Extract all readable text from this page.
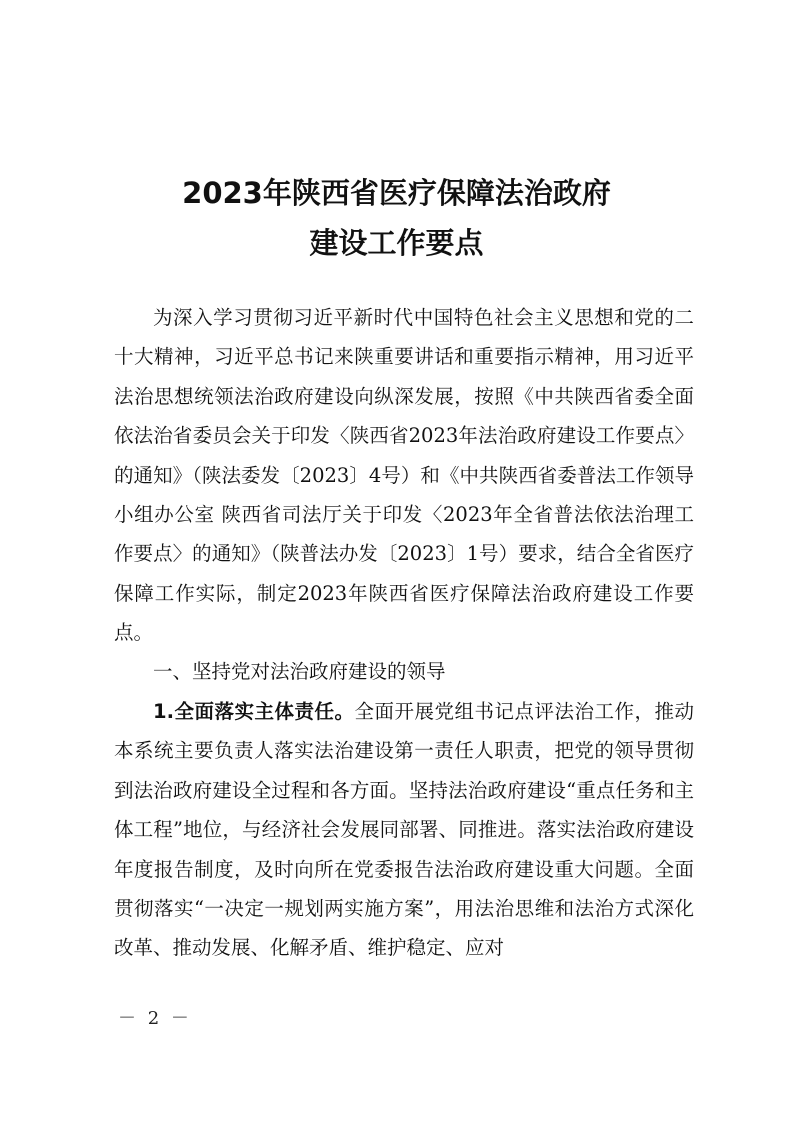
2023年陕西省医疗保障法治政府
建设工作要点

为深入学习贯彻习近平新时代中国特色社会主义思想和党的二十大精神，习近平总书记来陕重要讲话和重要指示精神，用习近平法治思想统领法治政府建设向纵深发展，按照《中共陕西省委全面依法治省委员会关于印发〈陕西省2023年法治政府建设工作要点〉的通知》（陕法委发〔2023〕4号）和《中共陕西省委普法工作领导小组办公室 陕西省司法厅关于印发〈2023年全省普法依法治理工作要点〉的通知》（陕普法办发〔2023〕1号）要求，结合全省医疗保障工作实际，制定2023年陕西省医疗保障法治政府建设工作要点。

一、坚持党对法治政府建设的领导

1.全面落实主体责任。全面开展党组书记点评法治工作，推动本系统主要负责人落实法治建设第一责任人职责，把党的领导贯彻到法治政府建设全过程和各方面。坚持法治政府建设“重点任务和主体工程”地位，与经济社会发展同部署、同推进。落实法治政府建设年度报告制度，及时向所在党委报告法治政府建设重大问题。全面贯彻落实“一决定一规划两实施方案”，用法治思维和法治方式深化改革、推动发展、化解矛盾、维护稳定、应对

－ 2 －
